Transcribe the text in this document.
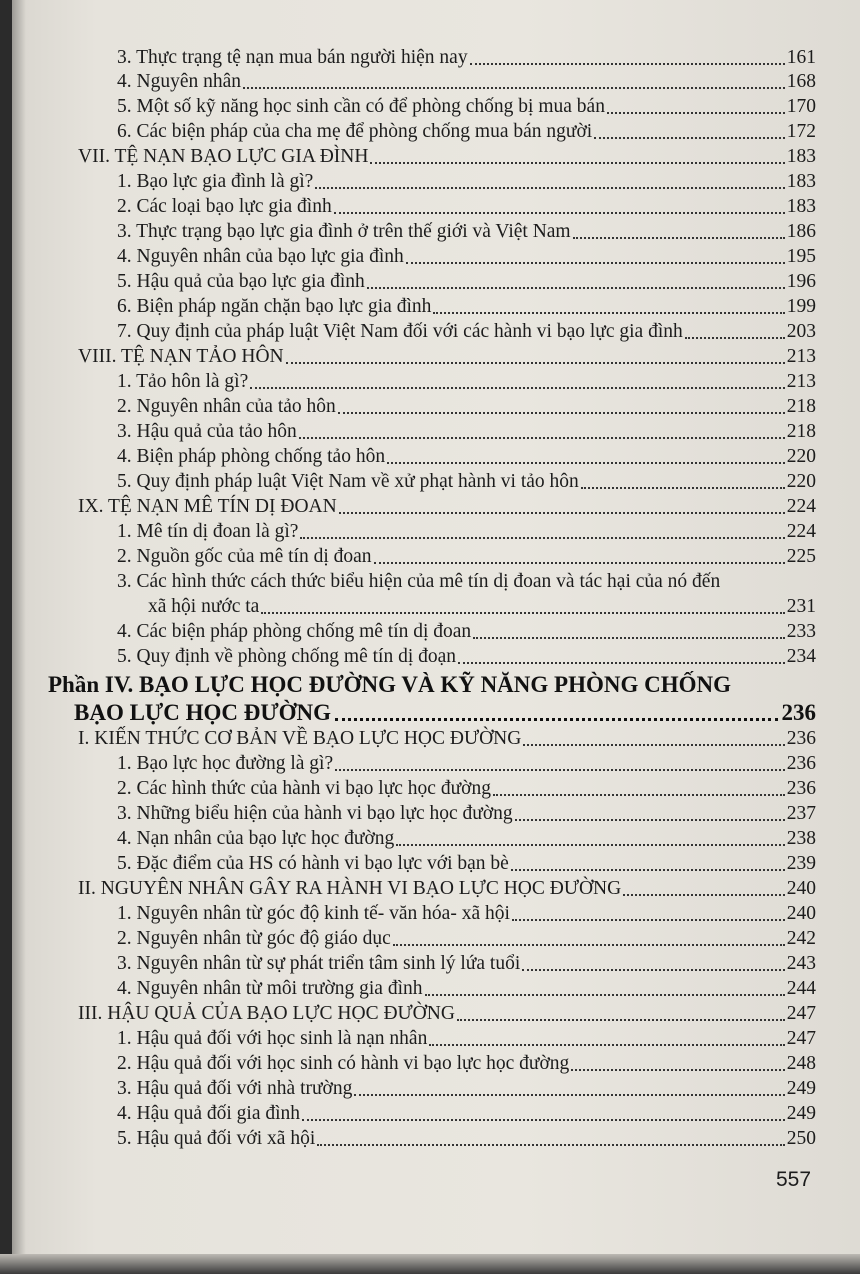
3. Thực trạng tệ nạn mua bán người hiện nay	161
4. Nguyên nhân	168
5. Một số kỹ năng học sinh cần có để phòng chống bị mua bán	170
6. Các biện pháp của cha mẹ để phòng chống mua bán người	172
VII. TỆ NẠN BẠO LỰC GIA ĐÌNH	183
1. Bạo lực gia đình là gì?	183
2. Các loại bạo lực gia đình	183
3. Thực trạng bạo lực gia đình ở trên thế giới và Việt Nam	186
4. Nguyên nhân của bạo lực gia đình	195
5. Hậu quả của bạo lực gia đình	196
6. Biện pháp ngăn chặn bạo lực gia đình	199
7. Quy định của pháp luật Việt Nam đối với các hành vi bạo lực gia đình	203
VIII. TỆ NẠN TẢO HÔN	213
1. Tảo hôn là gì?	213
2. Nguyên nhân của tảo hôn	218
3. Hậu quả của tảo hôn	218
4. Biện pháp phòng chống tảo hôn	220
5. Quy định pháp luật Việt Nam về xử phạt hành vi tảo hôn	220
IX. TỆ NẠN MÊ TÍN DỊ ĐOAN	224
1. Mê tín dị đoan là gì?	224
2. Nguồn gốc của mê tín dị đoan	225
3. Các hình thức cách thức biểu hiện của mê tín dị đoan và tác hại của nó đến
xã hội nước ta	231
4. Các biện pháp phòng chống mê tín dị đoan	233
5. Quy định về phòng chống mê tín dị đoạn	234
Phần IV. BẠO LỰC HỌC ĐƯỜNG VÀ KỸ NĂNG PHÒNG CHỐNG
BẠO LỰC HỌC ĐƯỜNG	236
I. KIẾN THỨC CƠ BẢN VỀ BẠO LỰC HỌC ĐƯỜNG	236
1. Bạo lực học đường là gì?	236
2. Các hình thức của hành vi bạo lực học đường	236
3. Những biểu hiện của hành vi bạo lực học đường	237
4. Nạn nhân của bạo lực học đường	238
5. Đặc điểm của HS có hành vi bạo lực với bạn bè	239
II. NGUYÊN NHÂN GÂY RA HÀNH VI BẠO LỰC HỌC ĐƯỜNG	240
1. Nguyên nhân từ góc độ kinh tế- văn hóa- xã hội	240
2. Nguyên nhân từ góc độ giáo dục	242
3. Nguyên nhân từ sự phát triển tâm sinh lý lứa tuổi	243
4. Nguyên nhân từ môi trường gia đình	244
III. HẬU QUẢ CỦA BẠO LỰC HỌC ĐƯỜNG	247
1. Hậu quả đối với học sinh là nạn nhân	247
2. Hậu quả đối với học sinh có hành vi bạo lực học đường	248
3. Hậu quả đối với nhà trường	249
4. Hậu quả đối gia đình	249
5. Hậu quả đối với xã hội	250
557
